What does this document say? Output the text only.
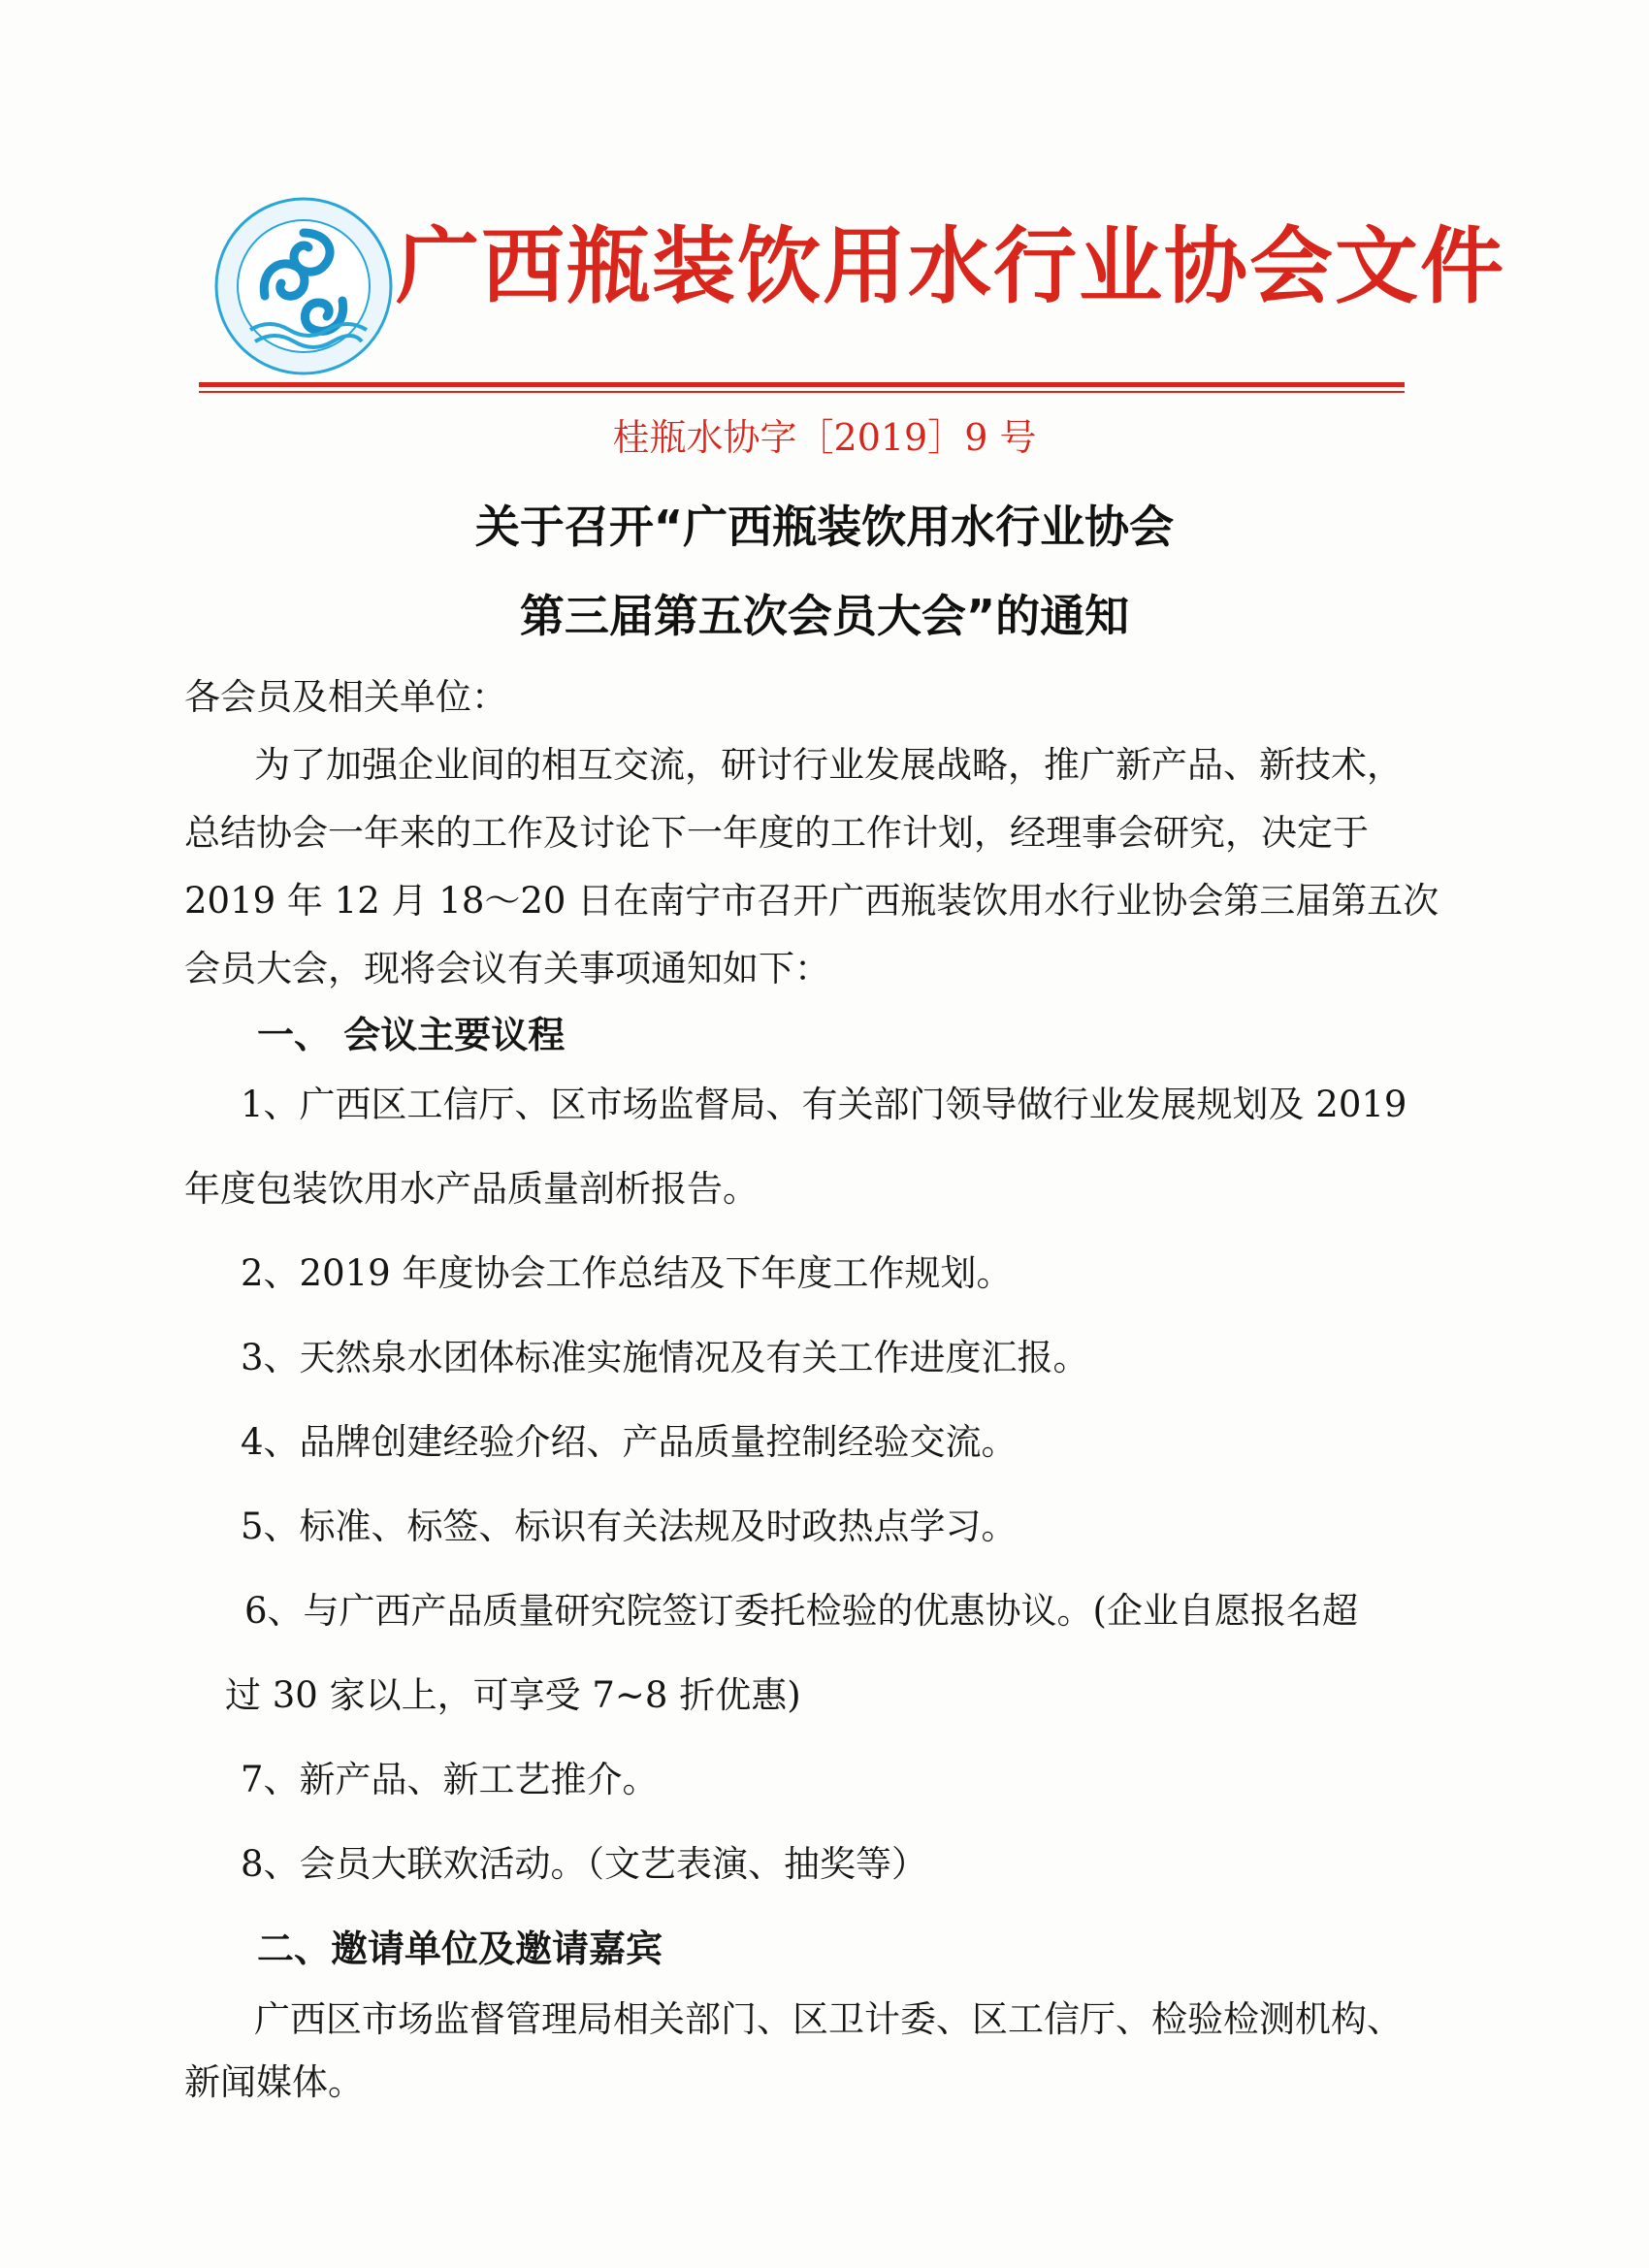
广西瓶装饮用水行业协会文件
桂瓶水协字［2019］9 号
关于召开“广西瓶装饮用水行业协会
第三届第五次会员大会”的通知
各会员及相关单位：
为了加强企业间的相互交流，研讨行业发展战略，推广新产品、新技术，
总结协会一年来的工作及讨论下一年度的工作计划，经理事会研究，决定于
2019 年 12 月 18～20 日在南宁市召开广西瓶装饮用水行业协会第三届第五次
会员大会，现将会议有关事项通知如下：
一、 会议主要议程
1、广西区工信厅、区市场监督局、有关部门领导做行业发展规划及 2019
年度包装饮用水产品质量剖析报告。
2、2019 年度协会工作总结及下年度工作规划。
3、天然泉水团体标准实施情况及有关工作进度汇报。
4、品牌创建经验介绍、产品质量控制经验交流。
5、标准、标签、标识有关法规及时政热点学习。
6、与广西产品质量研究院签订委托检验的优惠协议。(企业自愿报名超
过 30 家以上，可享受 7~8 折优惠)
7、新产品、新工艺推介。
8、会员大联欢活动。（文艺表演、抽奖等）
二、邀请单位及邀请嘉宾
广西区市场监督管理局相关部门、区卫计委、区工信厅、检验检测机构、
新闻媒体。
